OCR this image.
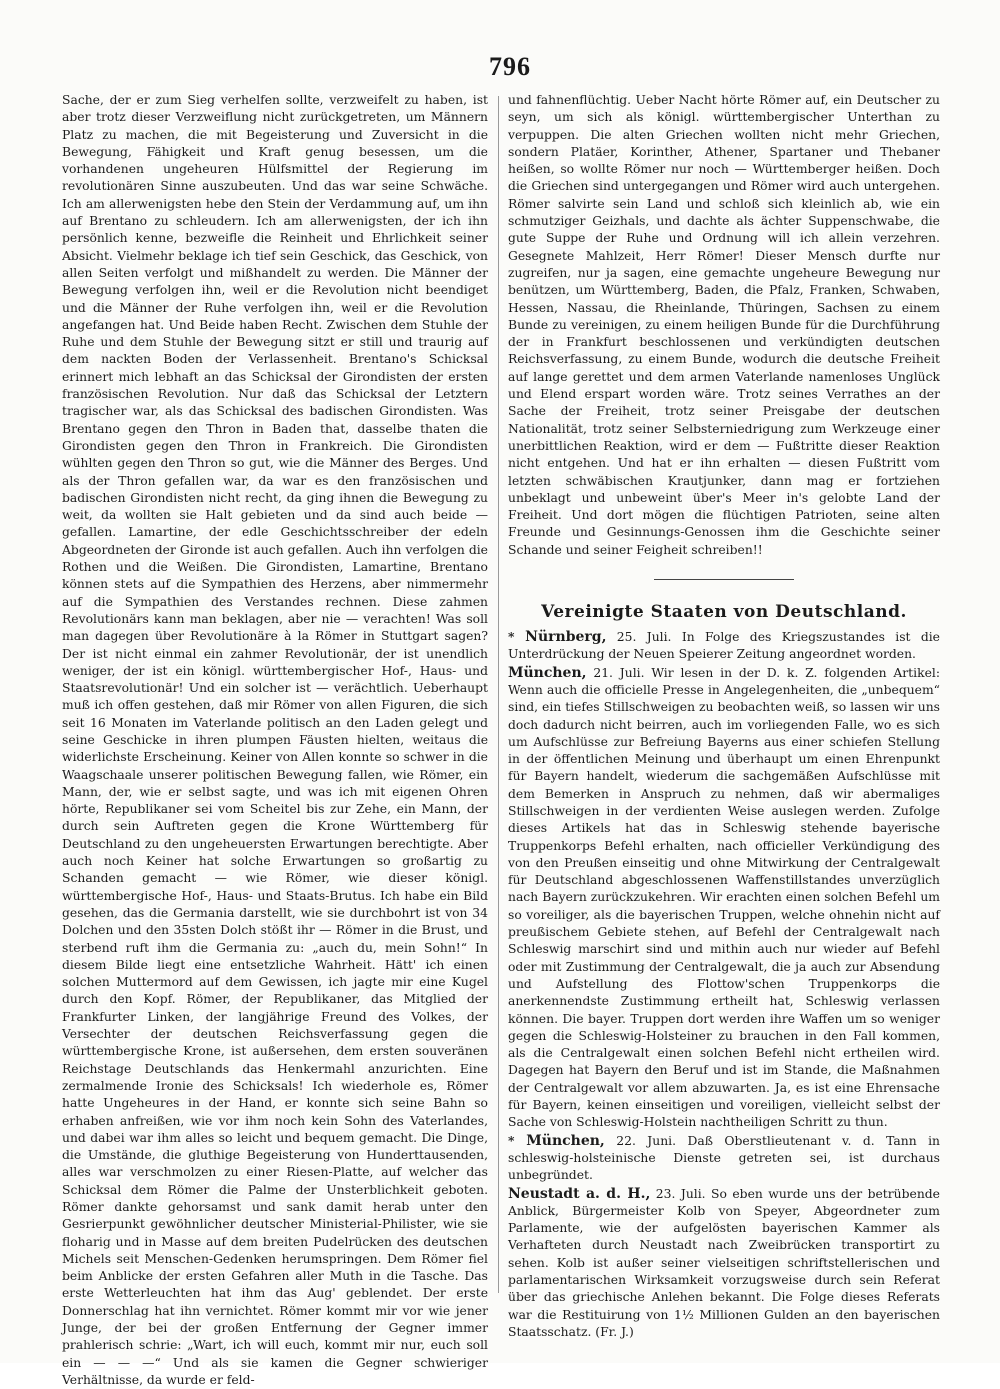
796

Sache, der er zum Sieg verhelfen sollte, verzweifelt zu haben, ist aber trotz dieser Verzweiflung nicht zurückgetreten, um Männern Platz zu machen, die mit Begeisterung und Zuversicht in die Bewegung, Fähigkeit und Kraft genug besessen, um die vorhandenen ungeheuren Hülfsmittel der Regierung im revolutionären Sinne auszubeuten. Und das war seine Schwäche. Ich am allerwenigsten hebe den Stein der Verdammung auf, um ihn auf Brentano zu schleudern. Ich am allerwenigsten, der ich ihn persönlich kenne, bezweifle die Reinheit und Ehrlichkeit seiner Absicht. Vielmehr beklage ich tief sein Geschick, das Geschick, von allen Seiten verfolgt und mißhandelt zu werden. Die Männer der Bewegung verfolgen ihn, weil er die Revolution nicht beendiget und die Männer der Ruhe verfolgen ihn, weil er die Revolution angefangen hat. Und Beide haben Recht. Zwischen dem Stuhle der Ruhe und dem Stuhle der Bewegung sitzt er still und traurig auf dem nackten Boden der Verlassenheit. Brentano's Schicksal erinnert mich lebhaft an das Schicksal der Girondisten der ersten französischen Revolution. Nur daß das Schicksal der Letztern tragischer war, als das Schicksal des badischen Girondisten. Was Brentano gegen den Thron in Baden that, dasselbe thaten die Girondisten gegen den Thron in Frankreich. Die Girondisten wühlten gegen den Thron so gut, wie die Männer des Berges. Und als der Thron gefallen war, da war es den französischen und badischen Girondisten nicht recht, da ging ihnen die Bewegung zu weit, da wollten sie Halt gebieten und da sind auch beide — gefallen. Lamartine, der edle Geschichtsschreiber der edeln Abgeordneten der Gironde ist auch gefallen. Auch ihn verfolgen die Rothen und die Weißen. Die Girondisten, Lamartine, Brentano können stets auf die Sympathien des Herzens, aber nimmermehr auf die Sympathien des Verstandes rechnen. Diese zahmen Revolutionärs kann man beklagen, aber nie — verachten! Was soll man dagegen über Revolutionäre à la Römer in Stuttgart sagen? Der ist nicht einmal ein zahmer Revolutionär, der ist unendlich weniger, der ist ein königl. württembergischer Hof-, Haus- und Staatsrevolutionär! Und ein solcher ist — verächtlich. Ueberhaupt muß ich offen gestehen, daß mir Römer von allen Figuren, die sich seit 16 Monaten im Vaterlande politisch an den Laden gelegt und seine Geschicke in ihren plumpen Fäusten hielten, weitaus die widerlichste Erscheinung. Keiner von Allen konnte so schwer in die Waagschaale unserer politischen Bewegung fallen, wie Römer, ein Mann, der, wie er selbst sagte, und was ich mit eigenen Ohren hörte, Republikaner sei vom Scheitel bis zur Zehe, ein Mann, der durch sein Auftreten gegen die Krone Württemberg für Deutschland zu den ungeheuersten Erwartungen berechtigte. Aber auch noch Keiner hat solche Erwartungen so großartig zu Schanden gemacht — wie Römer, wie dieser königl. württembergische Hof-, Haus- und Staats-Brutus. Ich habe ein Bild gesehen, das die Germania darstellt, wie sie durchbohrt ist von 34 Dolchen und den 35sten Dolch stößt ihr — Römer in die Brust, und sterbend ruft ihm die Germania zu: „auch du, mein Sohn!“ In diesem Bilde liegt eine entsetzliche Wahrheit. Hätt' ich einen solchen Muttermord auf dem Gewissen, ich jagte mir eine Kugel durch den Kopf. Römer, der Republikaner, das Mitglied der Frankfurter Linken, der langjährige Freund des Volkes, der Versechter der deutschen Reichsverfassung gegen die württembergische Krone, ist außersehen, dem ersten souveränen Reichstage Deutschlands das Henkermahl anzurichten. Eine zermalmende Ironie des Schicksals! Ich wiederhole es, Römer hatte Ungeheures in der Hand, er konnte sich seine Bahn so erhaben anfreißen, wie vor ihm noch kein Sohn des Vaterlandes, und dabei war ihm alles so leicht und bequem gemacht. Die Dinge, die Umstände, die gluthige Begeisterung von Hunderttausenden, alles war verschmolzen zu einer Riesen-Platte, auf welcher das Schicksal dem Römer die Palme der Unsterblichkeit geboten. Römer dankte gehorsamst und sank damit herab unter den Gesrierpunkt gewöhnlicher deutscher Ministerial-Philister, wie sie floharig und in Masse auf dem breiten Pudelrücken des deutschen Michels seit Menschen-Gedenken herumspringen. Dem Römer fiel beim Anblicke der ersten Gefahren aller Muth in die Tasche. Das erste Wetterleuchten hat ihm das Aug' geblendet. Der erste Donnerschlag hat ihn vernichtet. Römer kommt mir vor wie jener Junge, der bei der großen Entfernung der Gegner immer prahlerisch schrie: „Wart, ich will euch, kommt mir nur, euch soll ein — — —“ Und als sie kamen die Gegner schwieriger Verhältnisse, da wurde er feld-

und fahnenflüchtig. Ueber Nacht hörte Römer auf, ein Deutscher zu seyn, um sich als königl. württembergischer Unterthan zu verpuppen. Die alten Griechen wollten nicht mehr Griechen, sondern Platäer, Korinther, Athener, Spartaner und Thebaner heißen, so wollte Römer nur noch — Württemberger heißen. Doch die Griechen sind untergegangen und Römer wird auch untergehen. Römer salvirte sein Land und schloß sich kleinlich ab, wie ein schmutziger Geizhals, und dachte als ächter Suppenschwabe, die gute Suppe der Ruhe und Ordnung will ich allein verzehren. Gesegnete Mahlzeit, Herr Römer! Dieser Mensch durfte nur zugreifen, nur ja sagen, eine gemachte ungeheure Bewegung nur benützen, um Württemberg, Baden, die Pfalz, Franken, Schwaben, Hessen, Nassau, die Rheinlande, Thüringen, Sachsen zu einem Bunde zu vereinigen, zu einem heiligen Bunde für die Durchführung der in Frankfurt beschlossenen und verkündigten deutschen Reichsverfassung, zu einem Bunde, wodurch die deutsche Freiheit auf lange gerettet und dem armen Vaterlande namenloses Unglück und Elend erspart worden wäre. Trotz seines Verrathes an der Sache der Freiheit, trotz seiner Preisgabe der deutschen Nationalität, trotz seiner Selbsterniedrigung zum Werkzeuge einer unerbittlichen Reaktion, wird er dem — Fußtritte dieser Reaktion nicht entgehen. Und hat er ihn erhalten — diesen Fußtritt vom letzten schwäbischen Krautjunker, dann mag er fortziehen unbeklagt und unbeweint über's Meer in's gelobte Land der Freiheit. Und dort mögen die flüchtigen Patrioten, seine alten Freunde und Gesinnungs-Genossen ihm die Geschichte seiner Schande und seiner Feigheit schreiben!!

Vereinigte Staaten von Deutschland.

* Nürnberg, 25. Juli. In Folge des Kriegszustandes ist die Unterdrückung der Neuen Speierer Zeitung angeordnet worden.

München, 21. Juli. Wir lesen in der D. k. Z. folgenden Artikel: Wenn auch die officielle Presse in Angelegenheiten, die „unbequem“ sind, ein tiefes Stillschweigen zu beobachten weiß, so lassen wir uns doch dadurch nicht beirren, auch im vorliegenden Falle, wo es sich um Aufschlüsse zur Befreiung Bayerns aus einer schiefen Stellung in der öffentlichen Meinung und überhaupt um einen Ehrenpunkt für Bayern handelt, wiederum die sachgemäßen Aufschlüsse mit dem Bemerken in Anspruch zu nehmen, daß wir abermaliges Stillschweigen in der verdienten Weise auslegen werden. Zufolge dieses Artikels hat das in Schleswig stehende bayerische Truppenkorps Befehl erhalten, nach officieller Verkündigung des von den Preußen einseitig und ohne Mitwirkung der Centralgewalt für Deutschland abgeschlossenen Waffenstillstandes unverzüglich nach Bayern zurückzukehren. Wir erachten einen solchen Befehl um so voreiliger, als die bayerischen Truppen, welche ohnehin nicht auf preußischem Gebiete stehen, auf Befehl der Centralgewalt nach Schleswig marschirt sind und mithin auch nur wieder auf Befehl oder mit Zustimmung der Centralgewalt, die ja auch zur Absendung und Aufstellung des Flottow'schen Truppenkorps die anerkennendste Zustimmung ertheilt hat, Schleswig verlassen können. Die bayer. Truppen dort werden ihre Waffen um so weniger gegen die Schleswig-Holsteiner zu brauchen in den Fall kommen, als die Centralgewalt einen solchen Befehl nicht ertheilen wird. Dagegen hat Bayern den Beruf und ist im Stande, die Maßnahmen der Centralgewalt vor allem abzuwarten. Ja, es ist eine Ehrensache für Bayern, keinen einseitigen und voreiligen, vielleicht selbst der Sache von Schleswig-Holstein nachtheiligen Schritt zu thun.

* München, 22. Juni. Daß Oberstlieutenant v. d. Tann in schleswig-holsteinische Dienste getreten sei, ist durchaus unbegründet.

Neustadt a. d. H., 23. Juli. So eben wurde uns der betrübende Anblick, Bürgermeister Kolb von Speyer, Abgeordneter zum Parlamente, wie der aufgelösten bayerischen Kammer als Verhafteten durch Neustadt nach Zweibrücken transportirt zu sehen. Kolb ist außer seiner vielseitigen schriftstellerischen und parlamentarischen Wirksamkeit vorzugsweise durch sein Referat über das griechische Anlehen bekannt. Die Folge dieses Referats war die Restituirung von 1½ Millionen Gulden an den bayerischen Staatsschatz. (Fr. J.)
